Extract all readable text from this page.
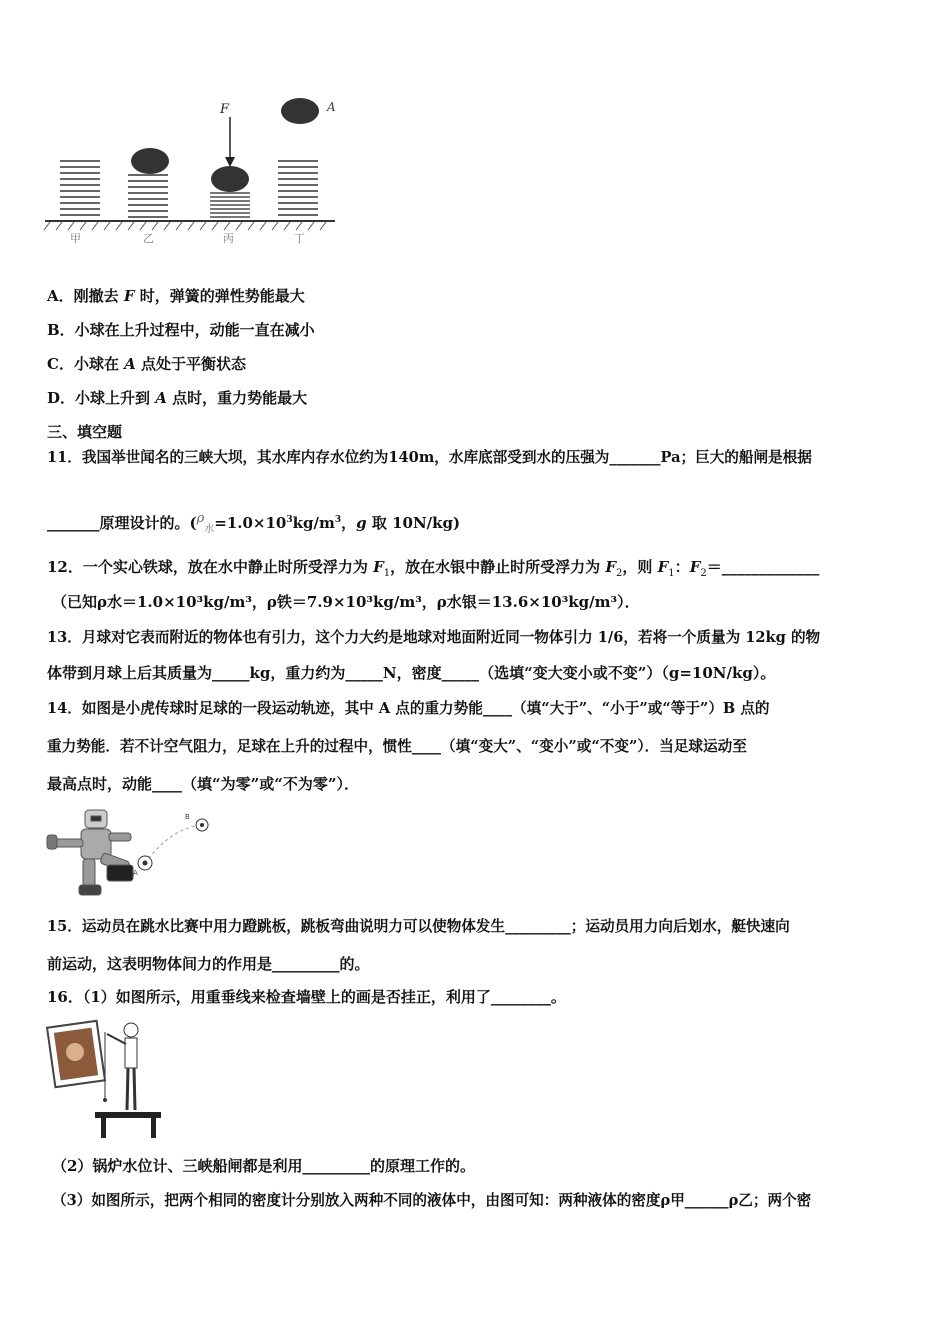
F	A
甲	乙	丙	丁
A．刚撤去 F 时，弹簧的弹性势能最大
B．小球在上升过程中，动能一直在减小
C．小球在 A 点处于平衡状态
D．小球上升到 A 点时，重力势能最大
三、填空题
11．我国举世闻名的三峡大坝，其水库内存水位约为140m，水库底部受到水的压强为_______Pa；巨大的船闸是根据
_______原理设计的。($\rho_水=1.0\times 10^3kg/m^3$，g 取 10N/kg)
12．一个实心铁球，放在水中静止时所受浮力为 $F_1$，放在水银中静止时所受浮力为 $F_2$，则 $F_1$：$F_2=\_\_\_\_\_\_\_\_\_\_\_\_\_$
（已知ρ水＝1.0×10³kg/m³，ρ铁＝7.9×10³kg/m³，ρ水银＝13.6×10³kg/m³）．
13．月球对它表而附近的物体也有引力，这个力大约是地球对地面附近同一物体引力 1/6，若将一个质量为 12kg 的物
体带到月球上后其质量为_____kg，重力约为_____N，密度_____（选填“变大变小或不变”）（g=10N/kg）。
14．如图是小虎传球时足球的一段运动轨迹，其中 A 点的重力势能____（填“大于”、“小于”或“等于”）B 点的
重力势能．若不计空气阻力，足球在上升的过程中，惯性____（填“变大”、“变小”或“不变”）．当足球运动至
最高点时，动能____（填“为零”或“不为零”）．
A
B
15．运动员在跳水比赛中用力蹬跳板，跳板弯曲说明力可以使物体发生_________；运动员用力向后划水，艇快速向
前运动，这表明物体间力的作用是_________的。
16．（1）如图所示，用重垂线来检查墙壁上的画是否挂正，利用了________。
（2）锅炉水位计、三峡船闸都是利用_________的原理工作的。
（3）如图所示，把两个相同的密度计分别放入两种不同的液体中，由图可知：两种液体的密度ρ甲______ρ乙；两个密
